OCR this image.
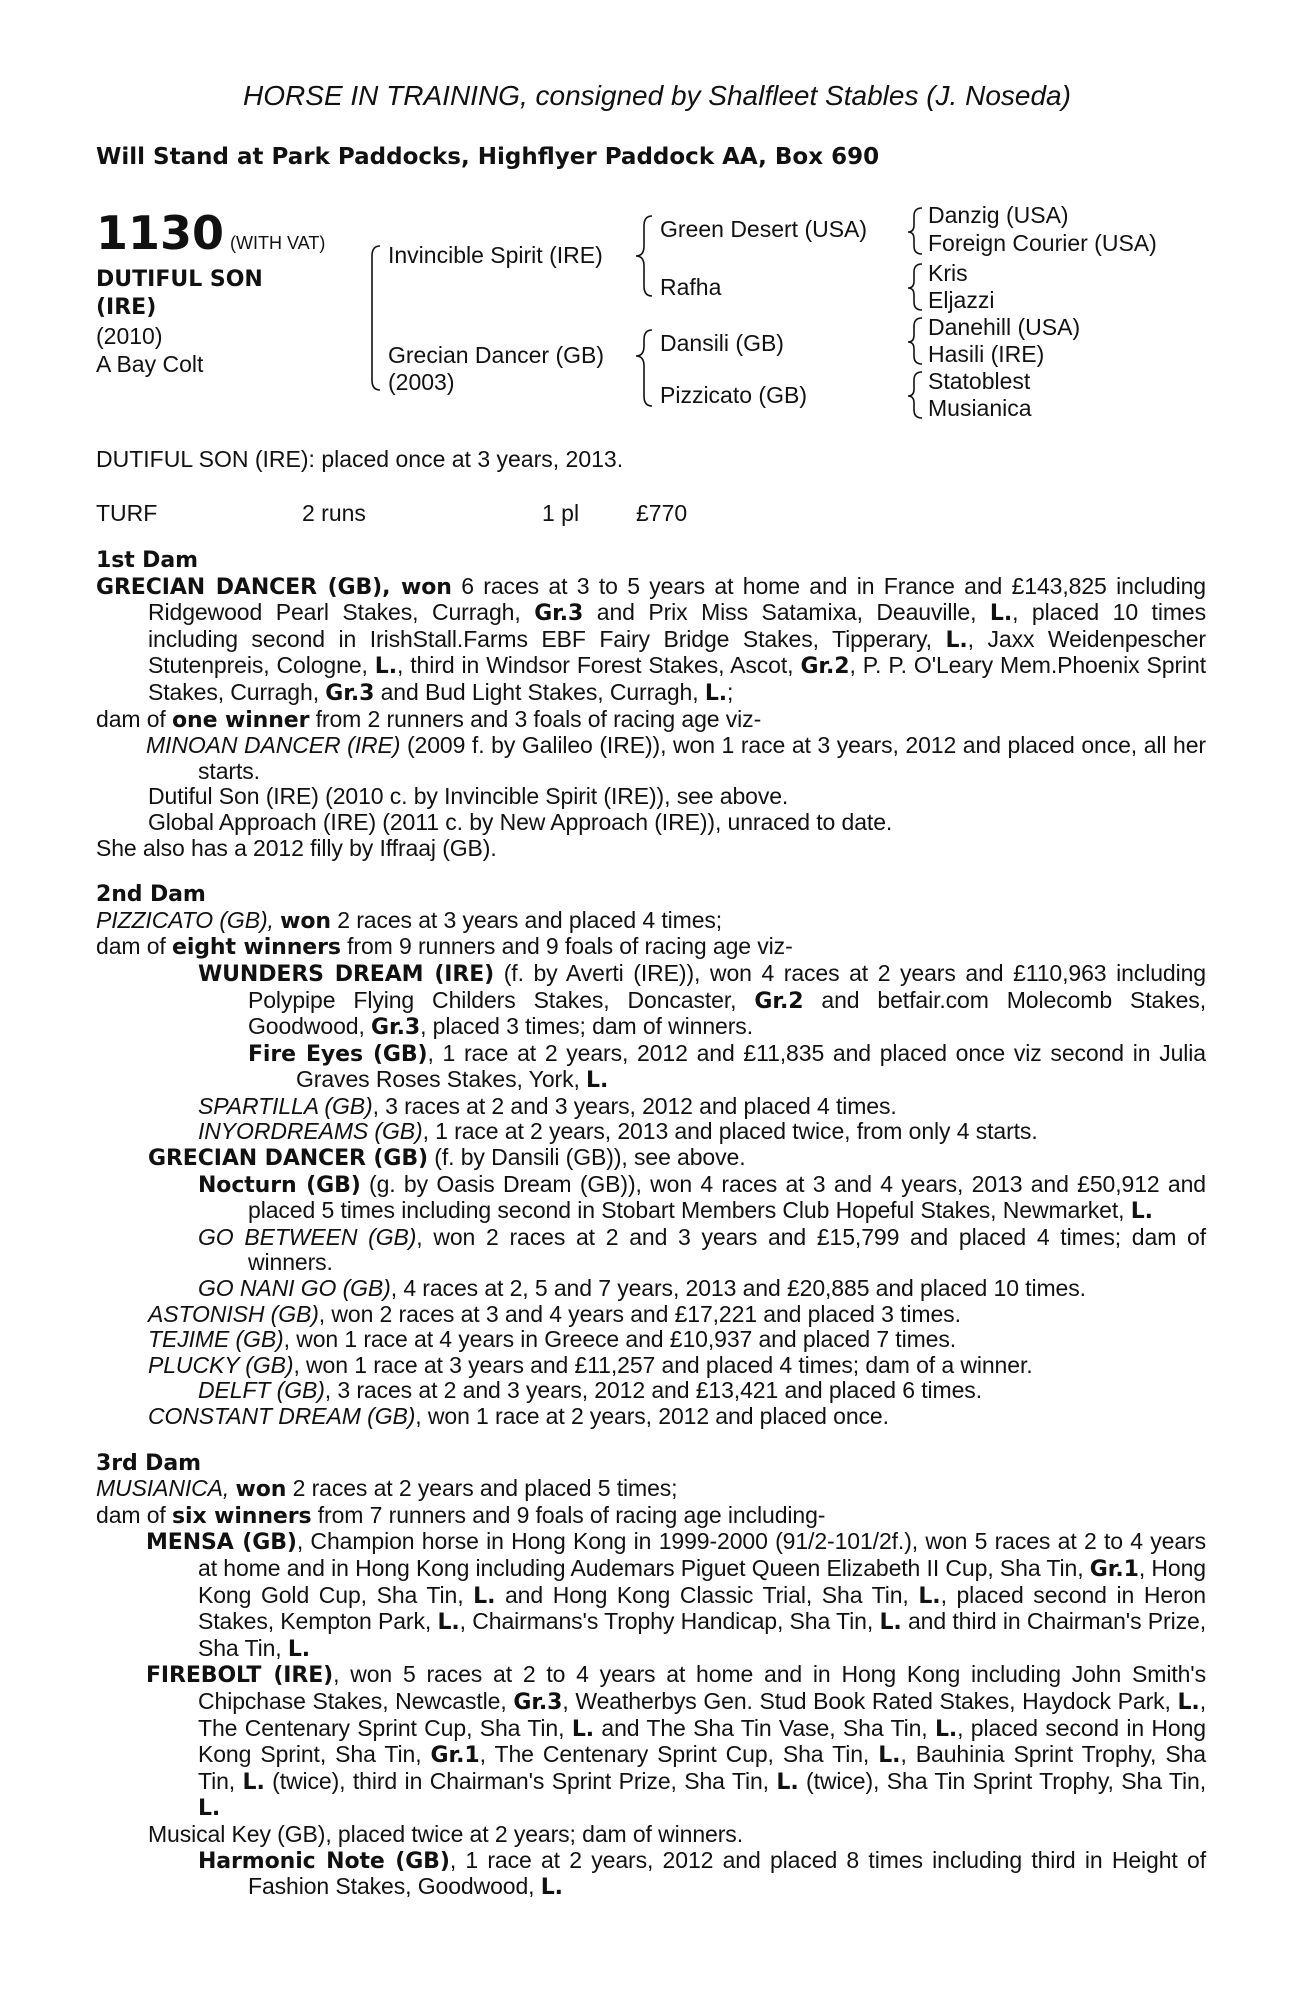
HORSE IN TRAINING, consigned by Shalfleet Stables (J. Noseda)
Will Stand at Park Paddocks, Highflyer Paddock AA, Box 690
1130 (WITH VAT)
DUTIFUL SON
(IRE)
(2010)
A Bay Colt
Invincible Spirit (IRE)
Grecian Dancer (GB)
(2003)
Green Desert (USA)
Rafha
Dansili (GB)
Pizzicato (GB)
Danzig (USA)
Foreign Courier (USA)
Kris
Eljazzi
Danehill (USA)
Hasili (IRE)
Statoblest
Musianica
DUTIFUL SON (IRE): placed once at 3 years, 2013.
TURF	2 runs	1 pl £770
1st Dam
GRECIAN DANCER (GB), won 6 races at 3 to 5 years at home and in France and £143,825 including Ridgewood Pearl Stakes, Curragh, Gr.3 and Prix Miss Satamixa, Deauville, L., placed 10 times including second in IrishStall.Farms EBF Fairy Bridge Stakes, Tipperary, L., Jaxx Weidenpescher Stutenpreis, Cologne, L., third in Windsor Forest Stakes, Ascot, Gr.2, P. P. O'Leary Mem.Phoenix Sprint Stakes, Curragh, Gr.3 and Bud Light Stakes, Curragh, L.;
dam of one winner from 2 runners and 3 foals of racing age viz-
MINOAN DANCER (IRE) (2009 f. by Galileo (IRE)), won 1 race at 3 years, 2012 and placed once, all her starts.
Dutiful Son (IRE) (2010 c. by Invincible Spirit (IRE)), see above.
Global Approach (IRE) (2011 c. by New Approach (IRE)), unraced to date.
She also has a 2012 filly by Iffraaj (GB).
2nd Dam
PIZZICATO (GB), won 2 races at 3 years and placed 4 times;
dam of eight winners from 9 runners and 9 foals of racing age viz-
WUNDERS DREAM (IRE) (f. by Averti (IRE)), won 4 races at 2 years and £110,963 including Polypipe Flying Childers Stakes, Doncaster, Gr.2 and betfair.com Molecomb Stakes, Goodwood, Gr.3, placed 3 times; dam of winners.
Fire Eyes (GB), 1 race at 2 years, 2012 and £11,835 and placed once viz second in Julia Graves Roses Stakes, York, L.
SPARTILLA (GB), 3 races at 2 and 3 years, 2012 and placed 4 times.
INYORDREAMS (GB), 1 race at 2 years, 2013 and placed twice, from only 4 starts.
GRECIAN DANCER (GB) (f. by Dansili (GB)), see above.
Nocturn (GB) (g. by Oasis Dream (GB)), won 4 races at 3 and 4 years, 2013 and £50,912 and placed 5 times including second in Stobart Members Club Hopeful Stakes, Newmarket, L.
GO BETWEEN (GB), won 2 races at 2 and 3 years and £15,799 and placed 4 times; dam of winners.
GO NANI GO (GB), 4 races at 2, 5 and 7 years, 2013 and £20,885 and placed 10 times.
ASTONISH (GB), won 2 races at 3 and 4 years and £17,221 and placed 3 times.
TEJIME (GB), won 1 race at 4 years in Greece and £10,937 and placed 7 times.
PLUCKY (GB), won 1 race at 3 years and £11,257 and placed 4 times; dam of a winner.
DELFT (GB), 3 races at 2 and 3 years, 2012 and £13,421 and placed 6 times.
CONSTANT DREAM (GB), won 1 race at 2 years, 2012 and placed once.
3rd Dam
MUSIANICA, won 2 races at 2 years and placed 5 times;
dam of six winners from 7 runners and 9 foals of racing age including-
MENSA (GB), Champion horse in Hong Kong in 1999-2000 (91/2-101/2f.), won 5 races at 2 to 4 years at home and in Hong Kong including Audemars Piguet Queen Elizabeth II Cup, Sha Tin, Gr.1, Hong Kong Gold Cup, Sha Tin, L. and Hong Kong Classic Trial, Sha Tin, L., placed second in Heron Stakes, Kempton Park, L., Chairmans's Trophy Handicap, Sha Tin, L. and third in Chairman's Prize, Sha Tin, L.
FIREBOLT (IRE), won 5 races at 2 to 4 years at home and in Hong Kong including John Smith's Chipchase Stakes, Newcastle, Gr.3, Weatherbys Gen. Stud Book Rated Stakes, Haydock Park, L., The Centenary Sprint Cup, Sha Tin, L. and The Sha Tin Vase, Sha Tin, L., placed second in Hong Kong Sprint, Sha Tin, Gr.1, The Centenary Sprint Cup, Sha Tin, L., Bauhinia Sprint Trophy, Sha Tin, L. (twice), third in Chairman's Sprint Prize, Sha Tin, L. (twice), Sha Tin Sprint Trophy, Sha Tin, L.
Musical Key (GB), placed twice at 2 years; dam of winners.
Harmonic Note (GB), 1 race at 2 years, 2012 and placed 8 times including third in Height of Fashion Stakes, Goodwood, L.
